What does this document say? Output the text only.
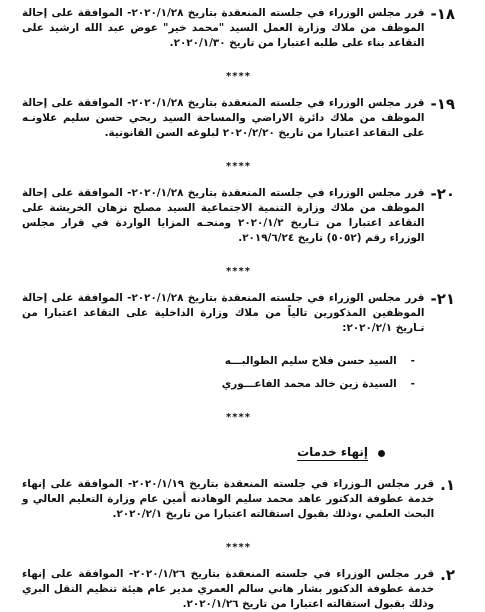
١٨-
قرر مجلس الوزراء في جلسته المنعقدة بتاريخ ٢٠٢٠/١/٢٨- الموافقة على إحالة الموظف من ملاك وزارة العمل السيد "محمد خير" عوض عبد الله ارشيد على التقاعد بناء على طلبه اعتبارا من تاريخ ٢٠٢٠/١/٣٠.
****
١٩-
قرر مجلس الوزراء في جلسته المنعقدة بتاريخ ٢٠٢٠/١/٢٨- الموافقة على إحالة الموظف من ملاك دائرة الاراضي والمساحة السيد ربحي حسن سليم علاونـه على التقاعد اعتبارا من تاريخ ٢٠٢٠/٢/٢٠ لبلوغه السن القانونية.
****
٢٠-
قرر مجلس الوزراء في جلسته المنعقدة بتاريخ ٢٠٢٠/١/٢٨- الموافقة على إحالة الموظف من ملاك وزارة التنمية الاجتماعية السيد مصلح نزهان الخريشة على التقاعد اعتبارا من تـاريخ ٢٠٢٠/١/٢ ومنحـه المزايا الواردة في قرار مجلس الوزراء رقم (٥٠٥٢) تاريخ ٢٠١٩/٦/٢٤.
****
٢١-
قرر مجلس الوزراء في جلسته المنعقدة بتاريخ ٢٠٢٠/١/٢٨- الموافقة على إحالة الموظفين المذكورين تالياً من ملاك وزارة الداخلية على التقاعد اعتبارا من تـاريخ ٢٠٢٠/٢/١:
-
السيد حسن فلاح سليم الطوالبـــه
-
السيدة زين خالد محمد الفاعـــوري
****
إنهاء خدمات
١.
قرر مجلس الـوزراء في جلسته المنعقدة بتاريخ ٢٠٢٠/١/١٩- الموافقة على إنهاء خدمة عطوفة الدكتور عاهد محمد سليم الوهادنه أمين عام وزارة التعليم العالي و البحث العلمي ،وذلك بقبول استقالته اعتبارا من تاريخ ٢٠٢٠/٢/١.
****
٢.
قرر مجلس الوزراء في جلسته المنعقدة بتاريخ ٢٠٢٠/١/٢٦- الموافقة على إنهاء خدمة عطوفة الدكتور بشار هاني سالم العمري مدير عام هيئة تنظيم النقل البري وذلك بقبول استقالته اعتبارا من تاريخ ٢٠٢٠/١/٢٦.
